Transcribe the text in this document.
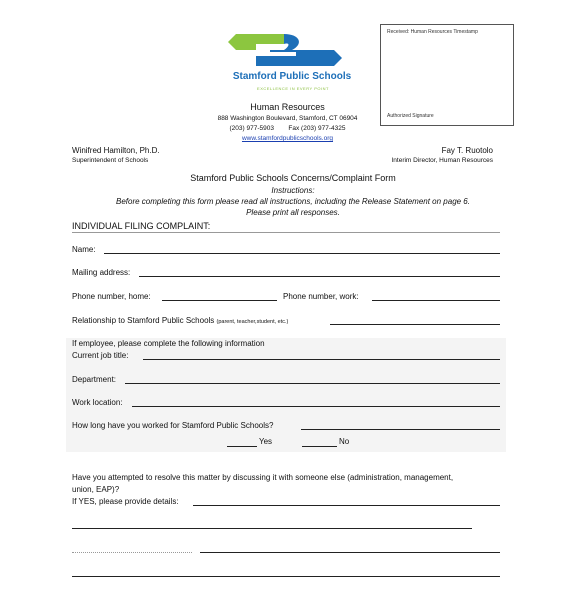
Stamford Public Schools
EXCELLENCE IN EVERY POINT
Received: Human Resources Timestamp
Authorized Signature
Human Resources
888 Washington Boulevard, Stamford, CT 06904
(203) 977-5903        Fax (203) 977-4325
www.stamfordpublicschools.org
Winifred Hamilton, Ph.D.
Superintendent of Schools
Fay T. Ruotolo
Interim Director, Human Resources
Stamford Public Schools Concerns/Complaint Form
Instructions:
Before completing this form please read all instructions, including the Release Statement on page 6.
Please print all responses.
INDIVIDUAL FILING COMPLAINT:
Name:
Mailing address:
Phone number, home:	Phone number, work:
Relationship to Stamford Public Schools (parent, teacher,student, etc.)
If employee, please complete the following information
Current job title:
Department:
Work location:
How long have you worked for Stamford Public Schools?
Yes	No
Have you attempted to resolve this matter by discussing it with someone else (administration, management,
union, EAP)?
If YES, please provide details:
